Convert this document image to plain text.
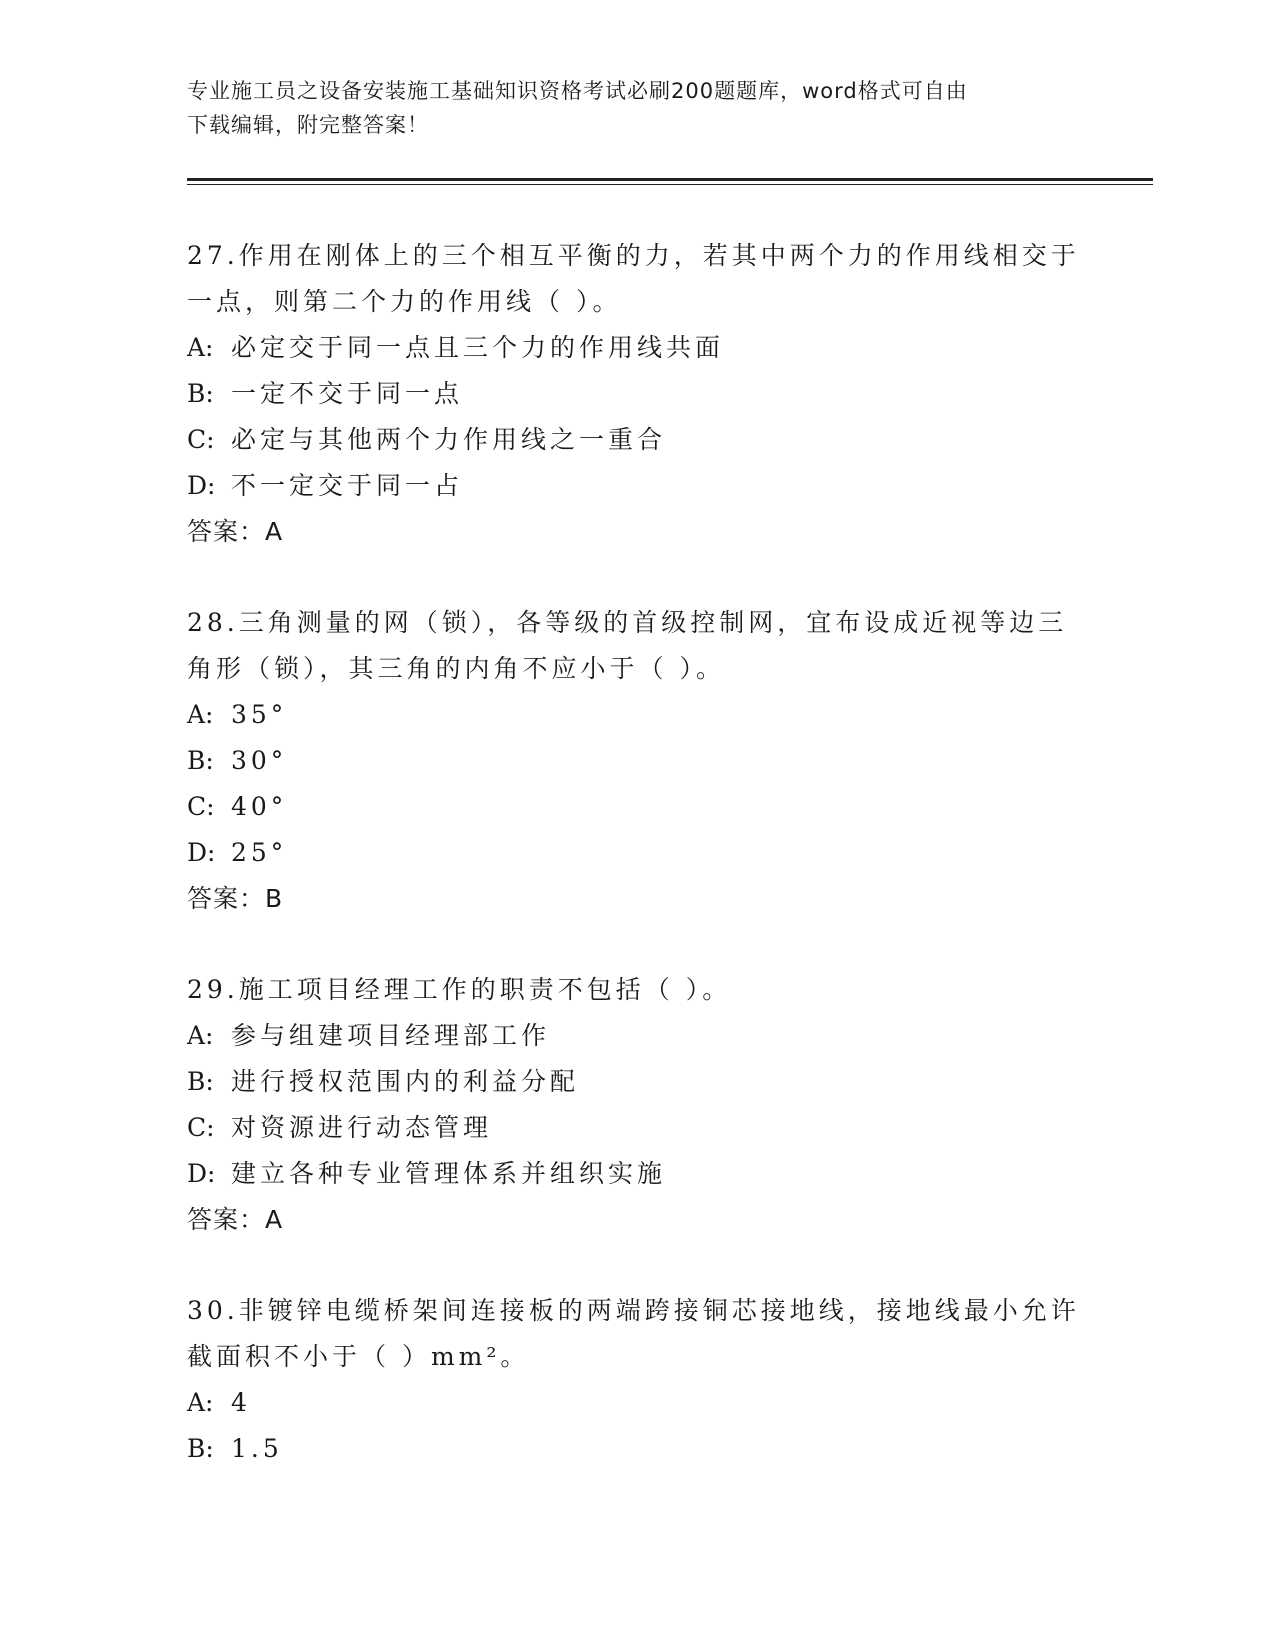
专业施工员之设备安装施工基础知识资格考试必刷200题题库，word格式可自由
下载编辑，附完整答案！

27.作用在刚体上的三个相互平衡的力，若其中两个力的作用线相交于

一点，则第二个力的作用线（ ）。

A: 必定交于同一点且三个力的作用线共面

B: 一定不交于同一点

C: 必定与其他两个力作用线之一重合

D: 不一定交于同一占

答案：A

28.三角测量的网（锁），各等级的首级控制网，宜布设成近视等边三

角形（锁），其三角的内角不应小于（ ）。

A: 35°

B: 30°

C: 40°

D: 25°

答案：B

29.施工项目经理工作的职责不包括（ ）。

A: 参与组建项目经理部工作

B: 进行授权范围内的利益分配

C: 对资源进行动态管理

D: 建立各种专业管理体系并组织实施

答案：A

30.非镀锌电缆桥架间连接板的两端跨接铜芯接地线，接地线最小允许

截面积不小于（ ）mm²。

A: 4

B: 1.5
